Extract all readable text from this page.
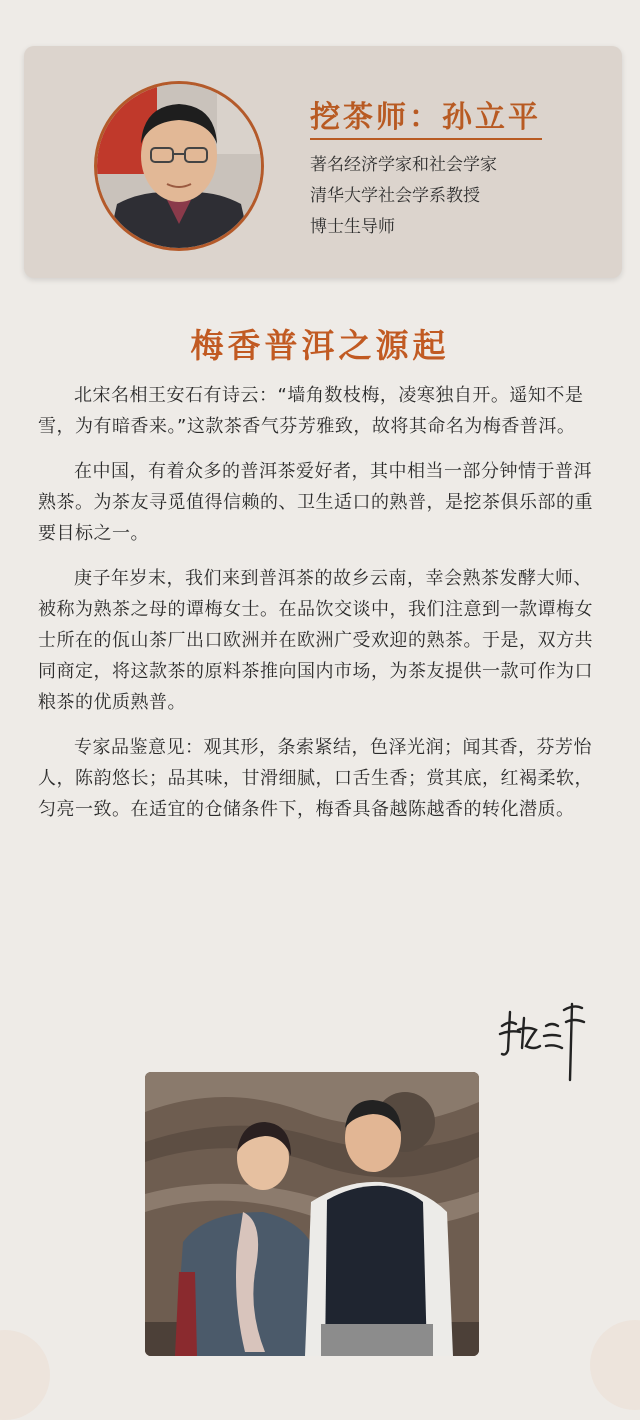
挖茶师：孙立平
著名经济学家和社会学家
清华大学社会学系教授
博士生导师
梅香普洱之源起

北宋名相王安石有诗云：“墙角数枝梅，凌寒独自开。遥知不是雪，为有暗香来。”这款茶香气芬芳雅致，故将其命名为梅香普洱。

在中国，有着众多的普洱茶爱好者，其中相当一部分钟情于普洱熟茶。为茶友寻觅值得信赖的、卫生适口的熟普，是挖茶俱乐部的重要目标之一。

庚子年岁末，我们来到普洱茶的故乡云南，幸会熟茶发酵大师、被称为熟茶之母的谭梅女士。在品饮交谈中，我们注意到一款谭梅女士所在的佤山茶厂出口欧洲并在欧洲广受欢迎的熟茶。于是，双方共同商定，将这款茶的原料茶推向国内市场，为茶友提供一款可作为口粮茶的优质熟普。

专家品鉴意见：观其形，条索紧结，色泽光润；闻其香，芬芳怡人，陈韵悠长；品其味，甘滑细腻，口舌生香；赏其底，红褐柔软，匀亮一致。在适宜的仓储条件下，梅香具备越陈越香的转化潜质。
